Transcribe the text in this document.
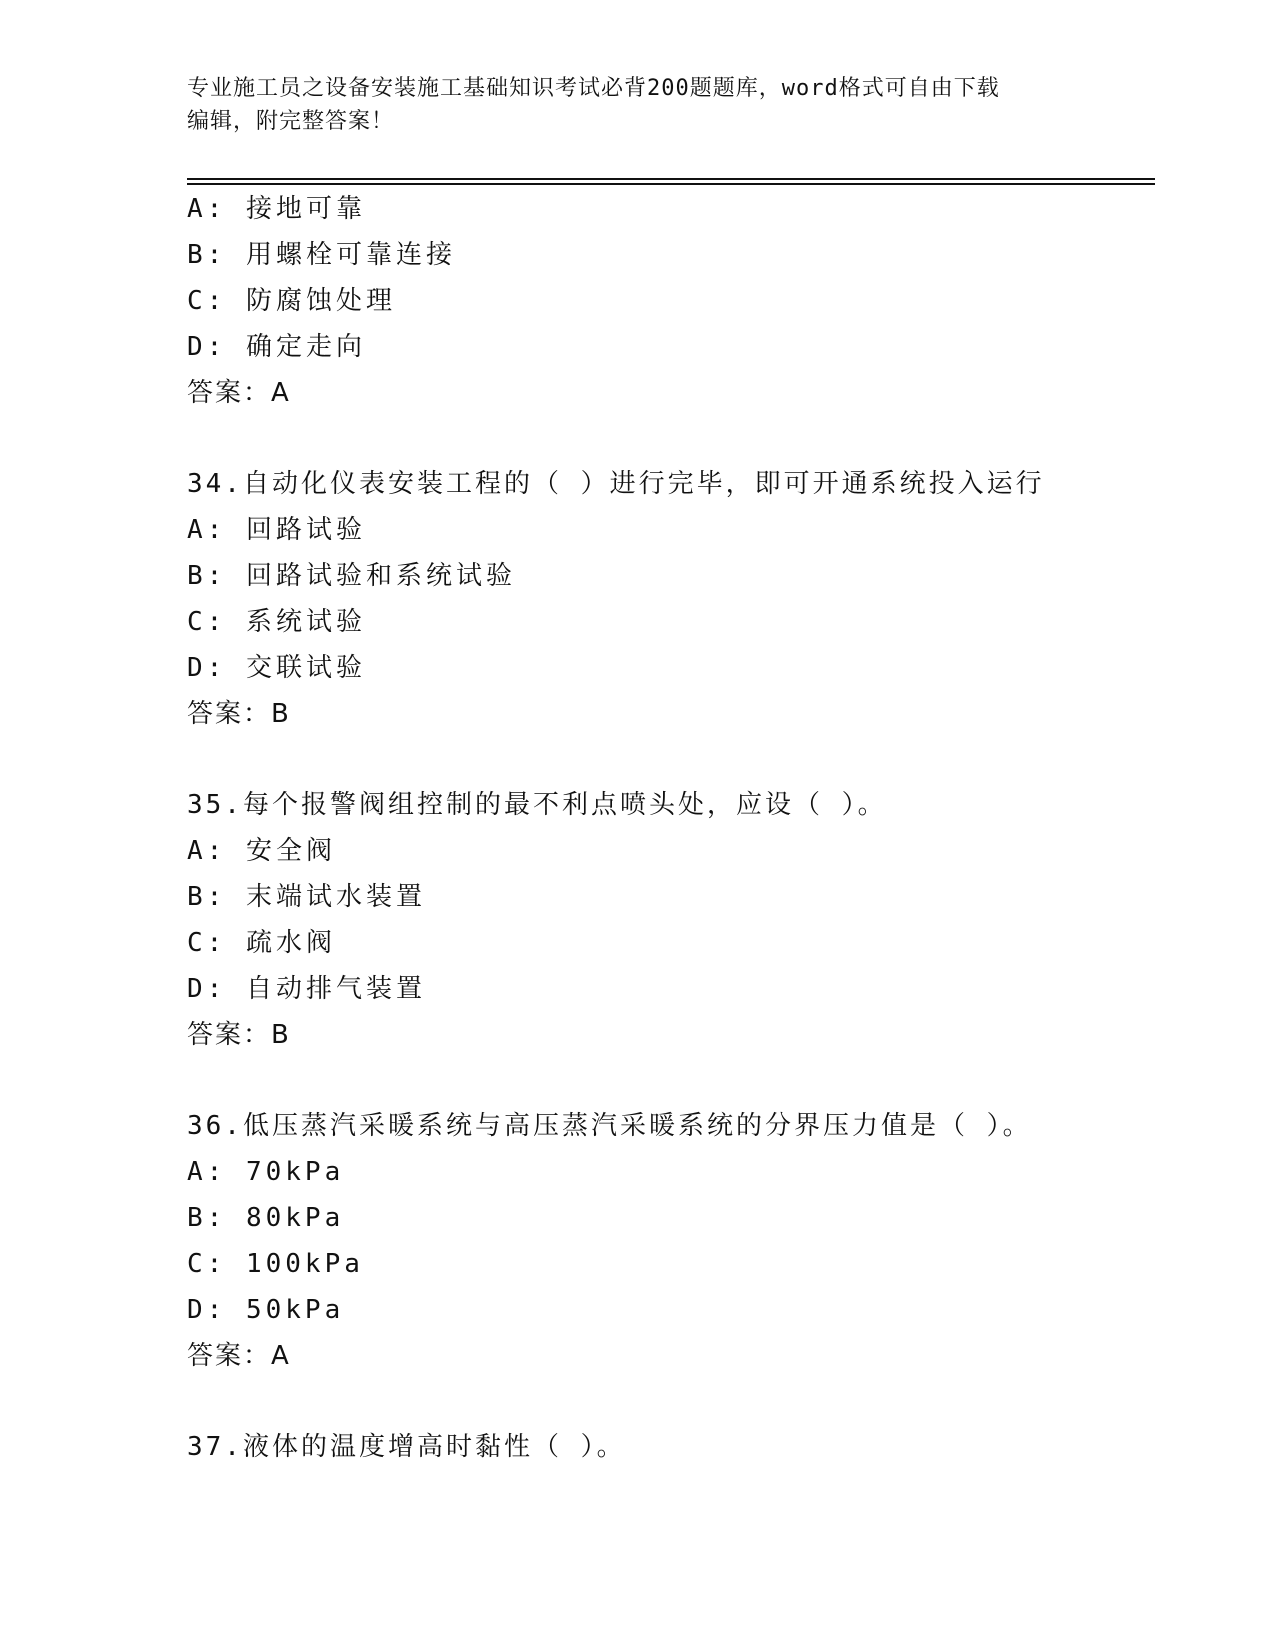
专业施工员之设备安装施工基础知识考试必背200题题库，word格式可自由下载
编辑，附完整答案！
A: 接地可靠
B: 用螺栓可靠连接
C: 防腐蚀处理
D: 确定走向
答案：A
34.自动化仪表安装工程的（ ）进行完毕，即可开通系统投入运行
A: 回路试验
B: 回路试验和系统试验
C: 系统试验
D: 交联试验
答案：B
35.每个报警阀组控制的最不利点喷头处，应设（ ）。
A: 安全阀
B: 末端试水装置
C: 疏水阀
D: 自动排气装置
答案：B
36.低压蒸汽采暖系统与高压蒸汽采暖系统的分界压力值是（ ）。
A: 70kPa
B: 80kPa
C: 100kPa
D: 50kPa
答案：A
37.液体的温度增高时黏性（ ）。
